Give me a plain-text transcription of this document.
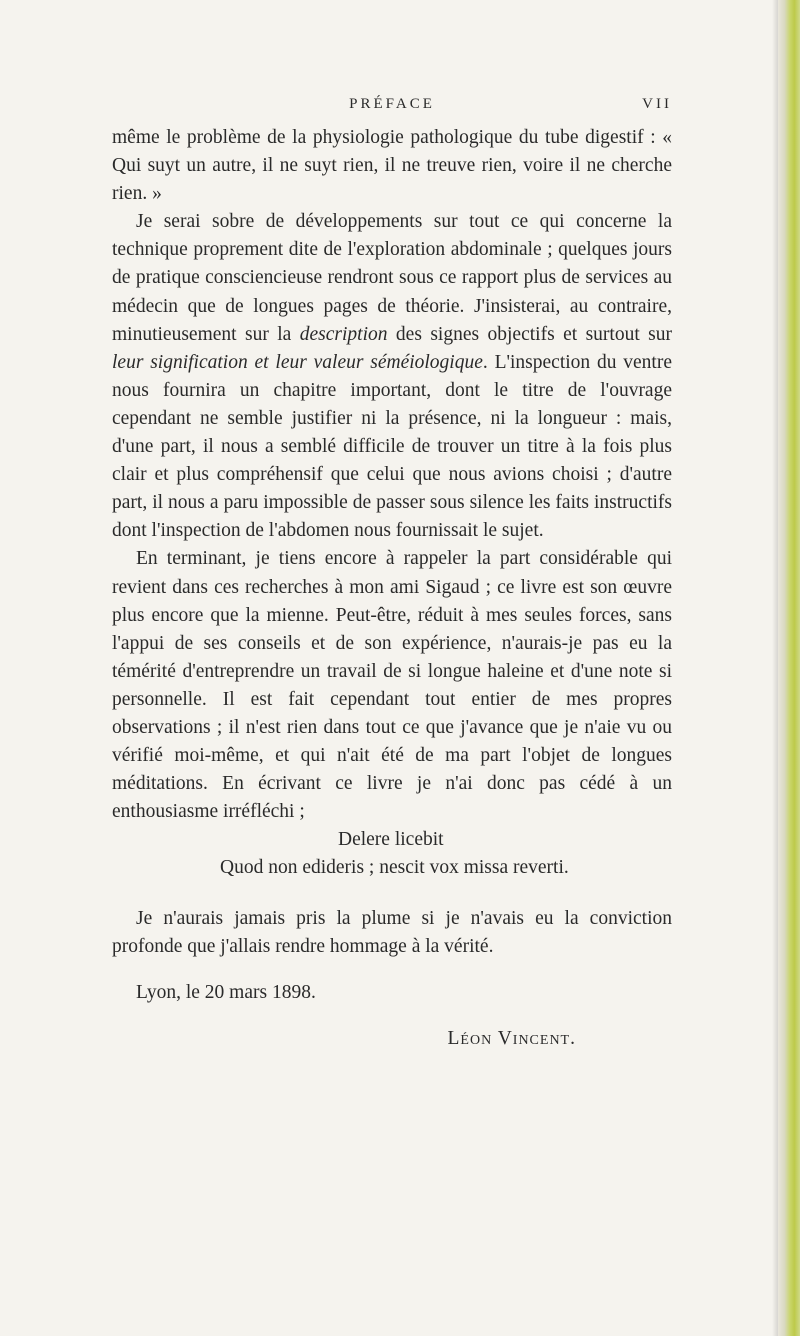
PRÉFACE	VII

même le problème de la physiologie pathologique du tube digestif : « Qui suyt un autre, il ne suyt rien, il ne treuve rien, voire il ne cherche rien. »

Je serai sobre de développements sur tout ce qui concerne la technique proprement dite de l'exploration abdominale ; quelques jours de pratique consciencieuse rendront sous ce rapport plus de services au médecin que de longues pages de théorie. J'insisterai, au contraire, minutieusement sur la description des signes objectifs et surtout sur leur signification et leur valeur séméiologique. L'inspection du ventre nous fournira un chapitre important, dont le titre de l'ouvrage cependant ne semble justifier ni la présence, ni la longueur : mais, d'une part, il nous a semblé difficile de trouver un titre à la fois plus clair et plus compréhensif que celui que nous avions choisi ; d'autre part, il nous a paru impossible de passer sous silence les faits instructifs dont l'inspection de l'abdomen nous fournissait le sujet.

En terminant, je tiens encore à rappeler la part considérable qui revient dans ces recherches à mon ami Sigaud ; ce livre est son œuvre plus encore que la mienne. Peut-être, réduit à mes seules forces, sans l'appui de ses conseils et de son expérience, n'aurais-je pas eu la témérité d'entreprendre un travail de si longue haleine et d'une note si personnelle. Il est fait cependant tout entier de mes propres observations ; il n'est rien dans tout ce que j'avance que je n'aie vu ou vérifié moi-même, et qui n'ait été de ma part l'objet de longues méditations. En écrivant ce livre je n'ai donc pas cédé à un enthousiasme irréfléchi ;

Delere licebit

Quod non edideris ; nescit vox missa reverti.

Je n'aurais jamais pris la plume si je n'avais eu la conviction profonde que j'allais rendre hommage à la vérité.

Lyon, le 20 mars 1898.

Léon Vincent.
